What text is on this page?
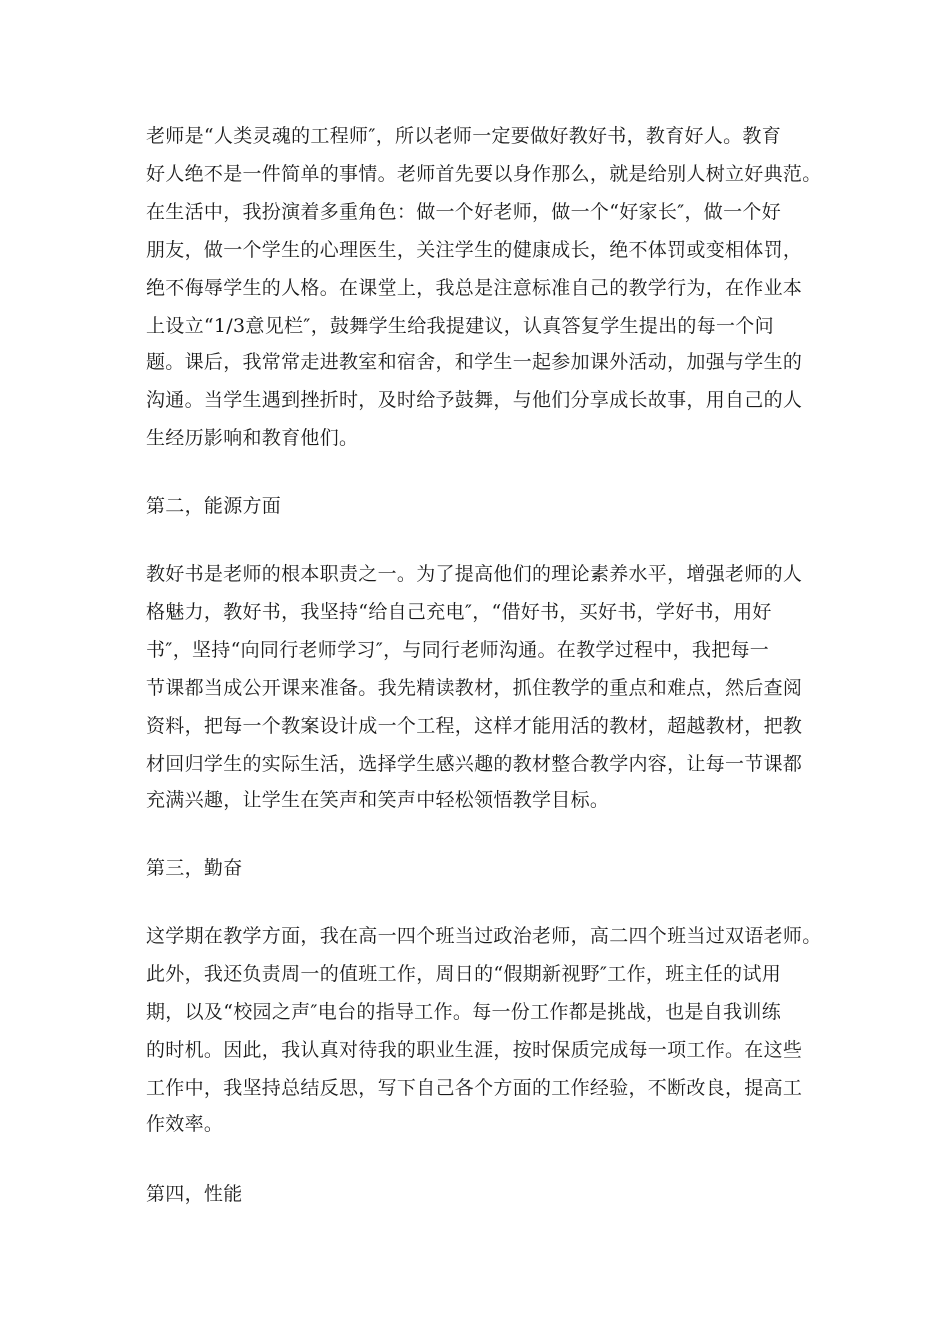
老师是“人类灵魂的工程师″，所以老师一定要做好教好书，教育好人。教育
好人绝不是一件简单的事情。老师首先要以身作那么，就是给别人树立好典范。
在生活中，我扮演着多重角色：做一个好老师，做一个“好家长″，做一个好
朋友，做一个学生的心理医生，关注学生的健康成长，绝不体罚或变相体罚，
绝不侮辱学生的人格。在课堂上，我总是注意标准自己的教学行为，在作业本
上设立“1/3意见栏″，鼓舞学生给我提建议，认真答复学生提出的每一个问
题。课后，我常常走进教室和宿舍，和学生一起参加课外活动，加强与学生的
沟通。当学生遇到挫折时，及时给予鼓舞，与他们分享成长故事，用自己的人
生经历影响和教育他们。
第二，能源方面
教好书是老师的根本职责之一。为了提高他们的理论素养水平，增强老师的人
格魅力，教好书，我坚持“给自己充电″，“借好书，买好书，学好书，用好
书″，坚持“向同行老师学习″，与同行老师沟通。在教学过程中，我把每一
节课都当成公开课来准备。我先精读教材，抓住教学的重点和难点，然后查阅
资料，把每一个教案设计成一个工程，这样才能用活的教材，超越教材，把教
材回归学生的实际生活，选择学生感兴趣的教材整合教学内容，让每一节课都
充满兴趣，让学生在笑声和笑声中轻松领悟教学目标。
第三，勤奋
这学期在教学方面，我在高一四个班当过政治老师，高二四个班当过双语老师。
此外，我还负责周一的值班工作，周日的“假期新视野″工作，班主任的试用
期，以及“校园之声″电台的指导工作。每一份工作都是挑战，也是自我训练
的时机。因此，我认真对待我的职业生涯，按时保质完成每一项工作。在这些
工作中，我坚持总结反思，写下自己各个方面的工作经验，不断改良，提高工
作效率。
第四，性能
